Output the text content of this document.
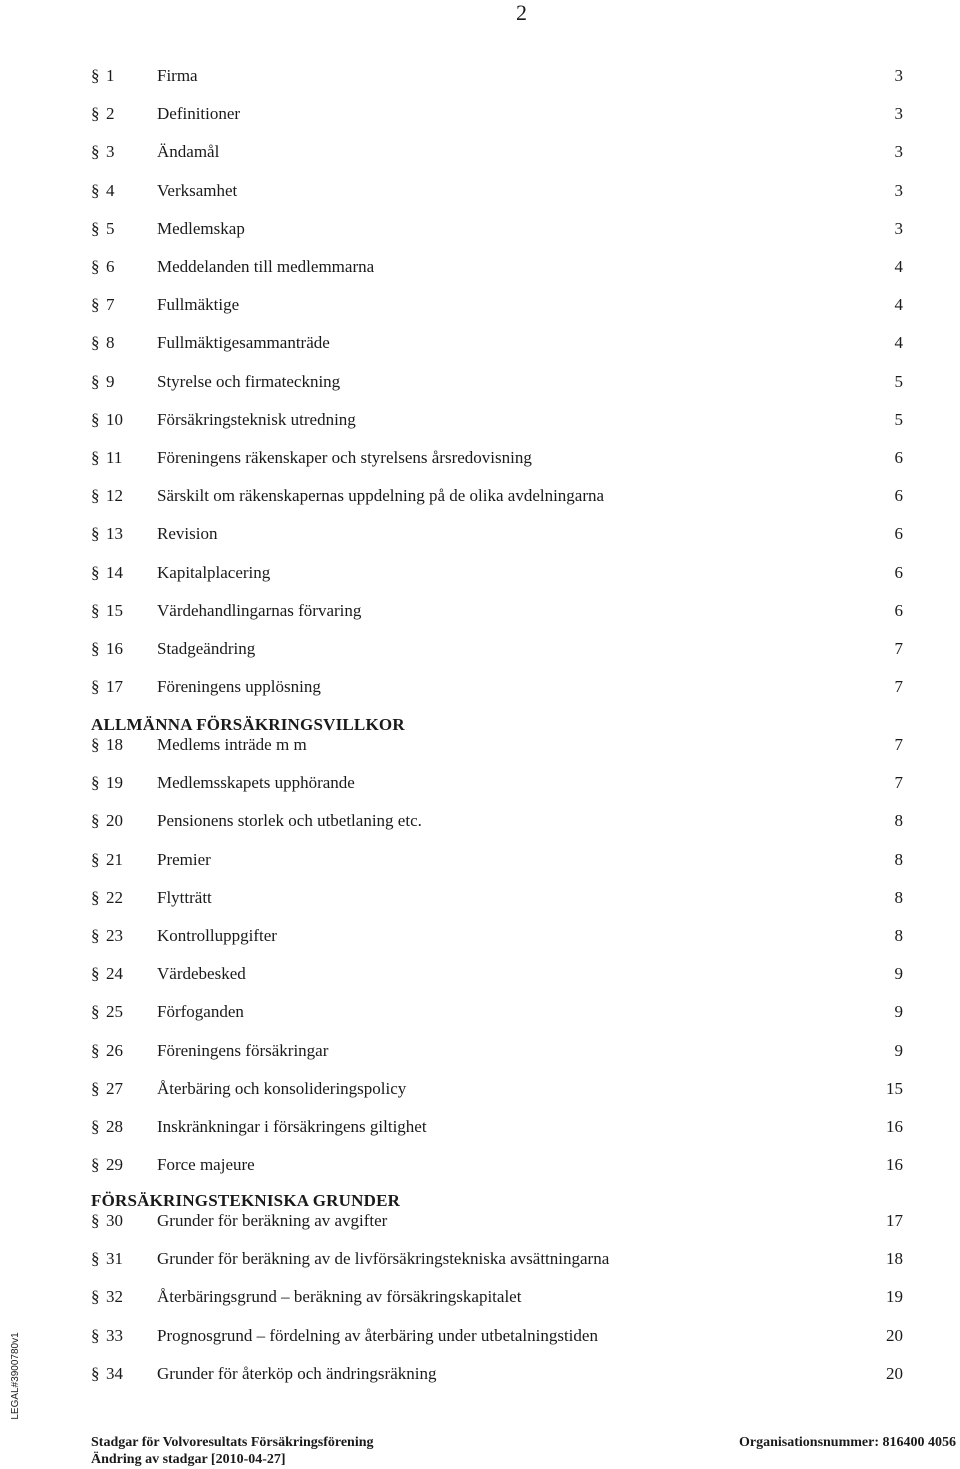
2
§ 1	Firma	3
§ 2	Definitioner	3
§ 3	Ändamål	3
§ 4	Verksamhet	3
§ 5	Medlemskap	3
§ 6	Meddelanden till medlemmarna	4
§ 7	Fullmäktige	4
§ 8	Fullmäktigesammanträde	4
§ 9	Styrelse och firmateckning	5
§ 10 Försäkringsteknisk utredning	5
§ 11 Föreningens räkenskaper och styrelsens årsredovisning	6
§ 12 Särskilt om räkenskapernas uppdelning på de olika avdelningarna	6
§ 13 Revision	6
§ 14 Kapitalplacering	6
§ 15 Värdehandlingarnas förvaring	6
§ 16 Stadgeändring	7
§ 17 Föreningens upplösning	7
ALLMÄNNA FÖRSÄKRINGSVILLKOR
§ 18 Medlems inträde m m	7
§ 19 Medlemsskapets upphörande	7
§ 20 Pensionens storlek och utbetlaning etc.	8
§ 21 Premier	8
§ 22 Flytträtt	8
§ 23 Kontrolluppgifter	8
§ 24 Värdebesked	9
§ 25 Förfoganden	9
§ 26 Föreningens försäkringar	9
§ 27 Återbäring och konsolideringspolicy	15
§ 28 Inskränkningar i försäkringens giltighet	16
§ 29 Force majeure	16
FÖRSÄKRINGSTEKNISKA GRUNDER
§ 30 Grunder för beräkning av avgifter	17
§ 31 Grunder för beräkning av de livförsäkringstekniska avsättningarna	18
§ 32 Återbäringsgrund – beräkning av försäkringskapitalet	19
§ 33 Prognosgrund – fördelning av återbäring under utbetalningstiden	20
§ 34 Grunder för återköp och ändringsräkning	20
LEGAL#3900780v1
Stadgar för Volvoresultats Försäkringsförening	Organisationsnummer: 816400 4056
Ändring av stadgar [2010-04-27]
